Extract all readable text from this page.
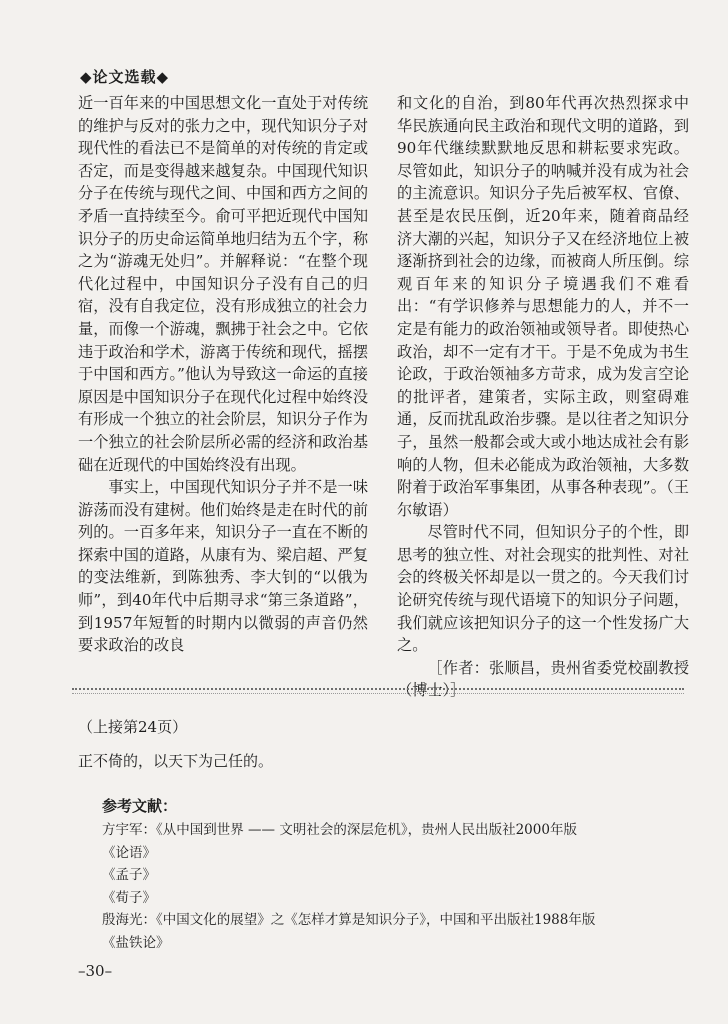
◆论文选载◆

近一百年来的中国思想文化一直处于对传统的维护与反对的张力之中，现代知识分子对现代性的看法已不是简单的对传统的肯定或否定，而是变得越来越复杂。中国现代知识分子在传统与现代之间、中国和西方之间的矛盾一直持续至今。俞可平把近现代中国知识分子的历史命运简单地归结为五个字，称之为“游魂无处归”。并解释说：“在整个现代化过程中，中国知识分子没有自己的归宿，没有自我定位，没有形成独立的社会力量，而像一个游魂，飘拂于社会之中。它依违于政治和学术，游离于传统和现代，摇摆于中国和西方。”他认为导致这一命运的直接原因是中国知识分子在现代化过程中始终没有形成一个独立的社会阶层，知识分子作为一个独立的社会阶层所必需的经济和政治基础在近现代的中国始终没有出现。

事实上，中国现代知识分子并不是一味游荡而没有建树。他们始终是走在时代的前列的。一百多年来，知识分子一直在不断的探索中国的道路，从康有为、梁启超、严复的变法维新，到陈独秀、李大钊的“以俄为师”，到40年代中后期寻求“第三条道路”，到1957年短暂的时期内以微弱的声音仍然要求政治的改良

和文化的自治，到80年代再次热烈探求中华民族通向民主政治和现代文明的道路，到90年代继续默默地反思和耕耘要求宪政。尽管如此，知识分子的呐喊并没有成为社会的主流意识。知识分子先后被军权、官僚、甚至是农民压倒，近20年来，随着商品经济大潮的兴起，知识分子又在经济地位上被逐渐挤到社会的边缘，而被商人所压倒。综观百年来的知识分子境遇我们不难看出：“有学识修养与思想能力的人，并不一定是有能力的政治领袖或领导者。即使热心政治，却不一定有才干。于是不免成为书生论政，于政治领袖多方苛求，成为发言空论的批评者，建策者，实际主政，则窒碍难通，反而扰乱政治步骤。是以往者之知识分子，虽然一般都会或大或小地达成社会有影响的人物，但未必能成为政治领袖，大多数附着于政治军事集团，从事各种表现”。（王尔敏语）

尽管时代不同，但知识分子的个性，即思考的独立性、对社会现实的批判性、对社会的终极关怀却是以一贯之的。今天我们讨论研究传统与现代语境下的知识分子问题，我们就应该把知识分子的这一个性发扬广大之。

［作者：张顺昌，贵州省委党校副教授（博士）］

（上接第24页）
正不倚的，以天下为己任的。
参考文献：
方宇军：《从中国到世界 —— 文明社会的深层危机》，贵州人民出版社2000年版
《论语》
《孟子》
《荀子》
殷海光：《中国文化的展望》之《怎样才算是知识分子》，中国和平出版社1988年版
《盐铁论》
–30–
